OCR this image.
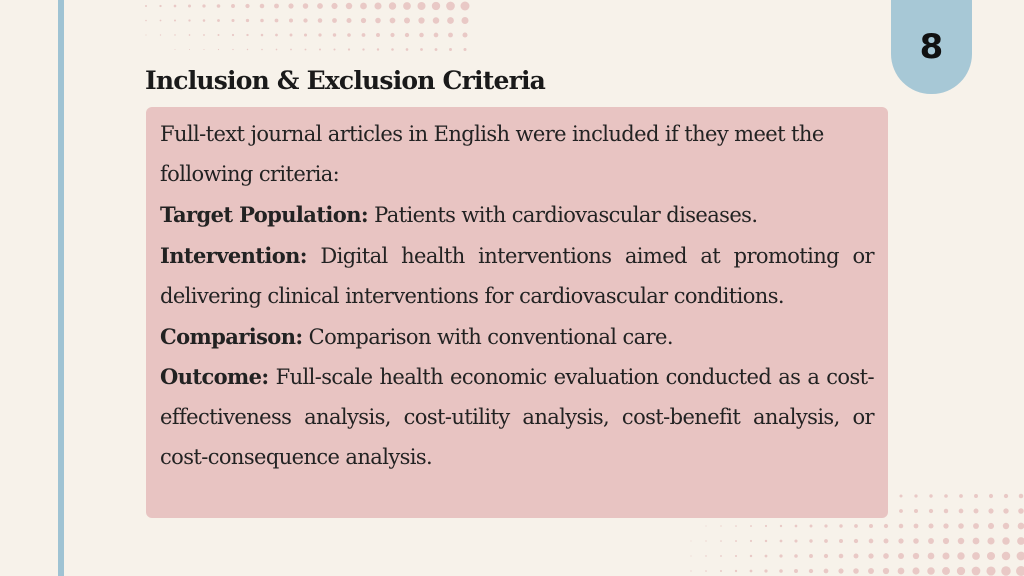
8
Inclusion & Exclusion Criteria

Full-text journal articles in English were included if they meet the following criteria:

Target Population: Patients with cardiovascular diseases.

Intervention: Digital health interventions aimed at promoting or delivering clinical interventions for cardiovascular conditions.

Comparison: Comparison with conventional care.

Outcome: Full-scale health economic evaluation conducted as a cost-effectiveness analysis, cost-utility analysis, cost-benefit analysis, or cost-consequence analysis.
